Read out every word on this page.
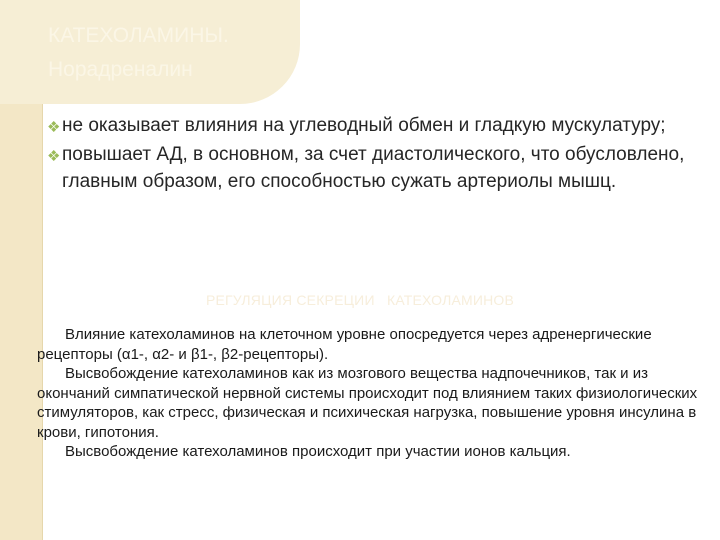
КАТЕХОЛАМИНЫ.
Норадреналин
❖ не оказывает влияния на углеводный обмен и гладкую мускулатуру;
❖ повышает АД, в основном, за счет диастолического, что обусловлено, главным образом, его способностью сужать артериолы мышц.
РЕГУЛЯЦИЯ СЕКРЕЦИИ   КАТЕХОЛАМИНОВ
Влияние катехоламинов на клеточном уровне опосредуется через адренергические рецепторы (α1-, α2- и β1-, β2-рецепторы).
Высвобождение катехоламинов как из мозгового вещества надпочечников, так и из окончаний симпатической нервной системы происходит под влиянием таких физиологических стимуляторов, как стресс, физическая и психическая нагрузка, повышение уровня инсулина в крови, гипотония.
Высвобождение катехоламинов происходит при участии ионов кальция.
